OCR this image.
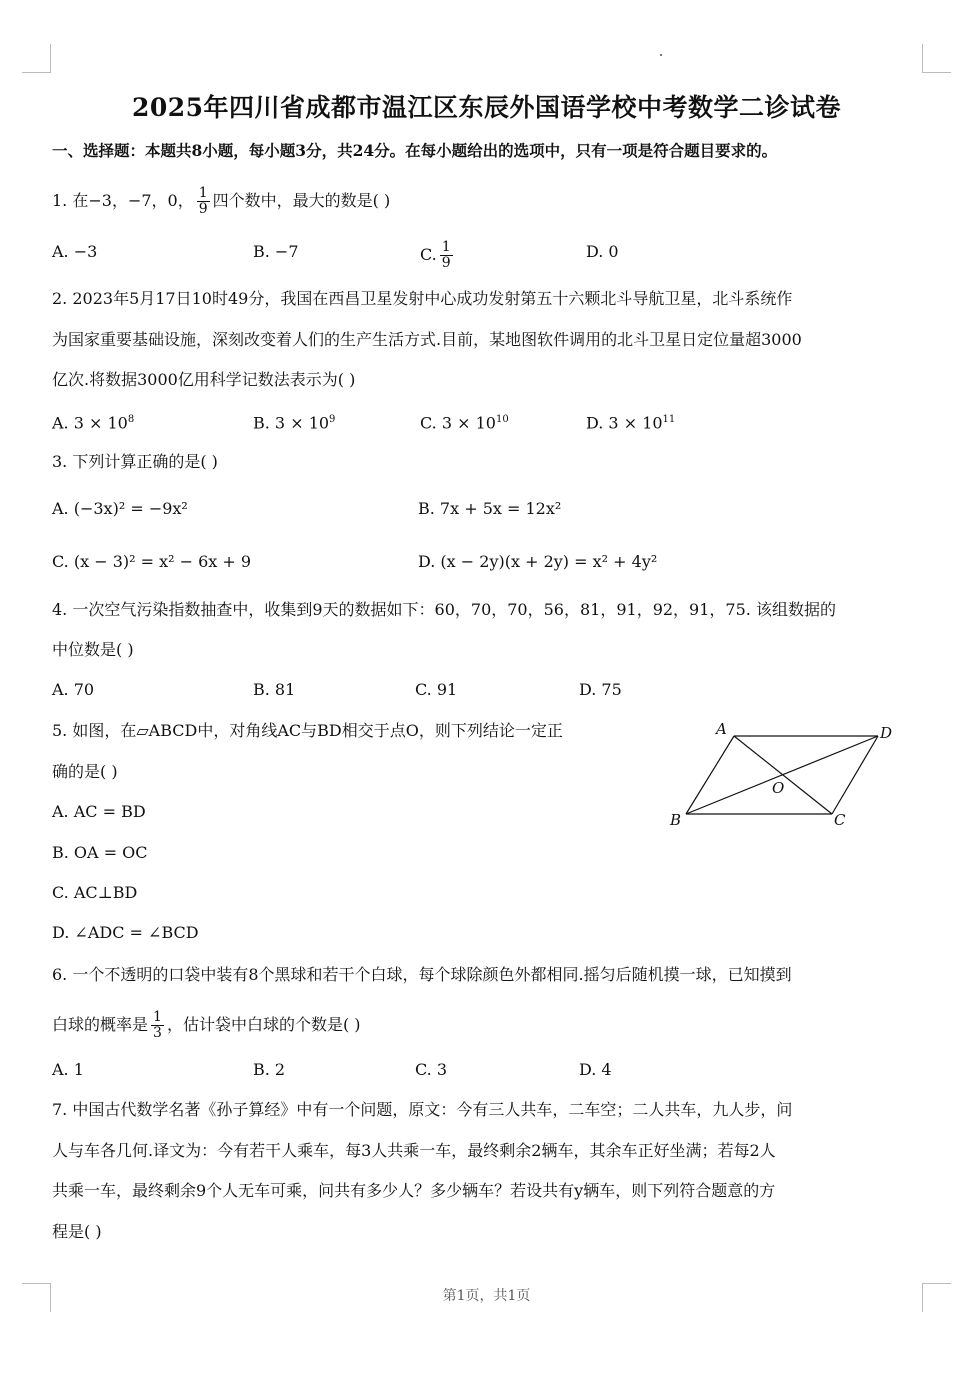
2025年四川省成都市温江区东辰外国语学校中考数学二诊试卷
一、选择题：本题共8小题，每小题3分，共24分。在每小题给出的选项中，只有一项是符合题目要求的。
1. 在−3，−7，0， $\frac{1}{9}$ 四个数中，最大的数是( )
A. −3	B. −7	C. $\frac{1}{9}$	D. 0
2. 2023年5月17日10时49分，我国在西昌卫星发射中心成功发射第五十六颗北斗导航卫星，北斗系统作
为国家重要基础设施，深刻改变着人们的生产生活方式.目前，某地图软件调用的北斗卫星日定位量超3000
亿次.将数据3000亿用科学记数法表示为( )
A. $3 \times 10^8$	B. $3 \times 10^9$	C. $3 \times 10^{10}$	D. $3 \times 10^{11}$
3. 下列计算正确的是( )
A. (−3x)² = −9x²	B. 7x + 5x = 12x²
C. (x − 3)² = x² − 6x + 9	D. (x − 2y)(x + 2y) = x² + 4y²
4. 一次空气污染指数抽查中，收集到9天的数据如下：60，70，70，56，81，91，92，91，75. 该组数据的
中位数是( )
A. 70	B. 81	C. 91	D. 75
5. 如图，在▱ABCD中，对角线AC与BD相交于点O，则下列结论一定正
确的是( )
A. AC = BD
B. OA = OC
C. AC⊥BD
D. ∠ADC = ∠BCD
A	D
B	C
O
6. 一个不透明的口袋中装有8个黑球和若干个白球，每个球除颜色外都相同.摇匀后随机摸一球，已知摸到
白球的概率是 $\frac{1}{3}$ ，估计袋中白球的个数是( )
A. 1	B. 2	C. 3	D. 4
7. 中国古代数学名著《孙子算经》中有一个问题，原文：今有三人共车，二车空；二人共车，九人步，问
人与车各几何.译文为：今有若干人乘车，每3人共乘一车，最终剩余2辆车，其余车正好坐满；若每2人
共乘一车，最终剩余9个人无车可乘，问共有多少人？多少辆车？若设共有y辆车，则下列符合题意的方
程是( )
第1页，共1页
